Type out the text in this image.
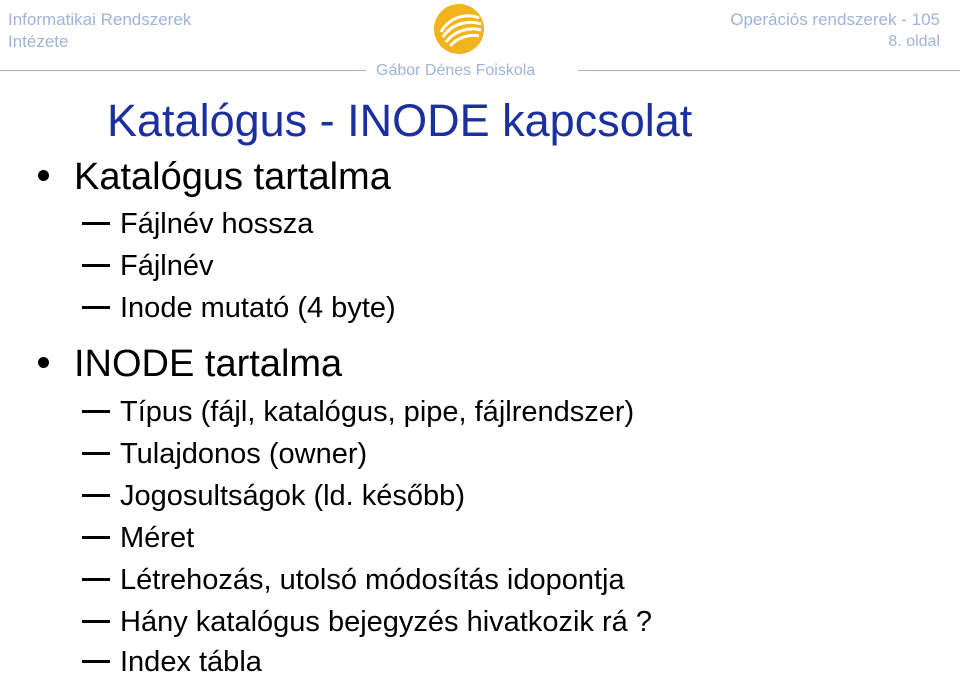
Informatikai Rendszerek
Intézete
Operációs rendszerek - 105
8. oldal
Gábor Dénes Foiskola
Katalógus - INODE kapcsolat
Katalógus tartalma
Fájlnév hossza
Fájlnév
Inode mutató (4 byte)
INODE tartalma
Típus (fájl, katalógus, pipe, fájlrendszer)
Tulajdonos (owner)
Jogosultságok (ld. később)
Méret
Létrehozás, utolsó módosítás idopontja
Hány katalógus bejegyzés hivatkozik rá ?
Index tábla
